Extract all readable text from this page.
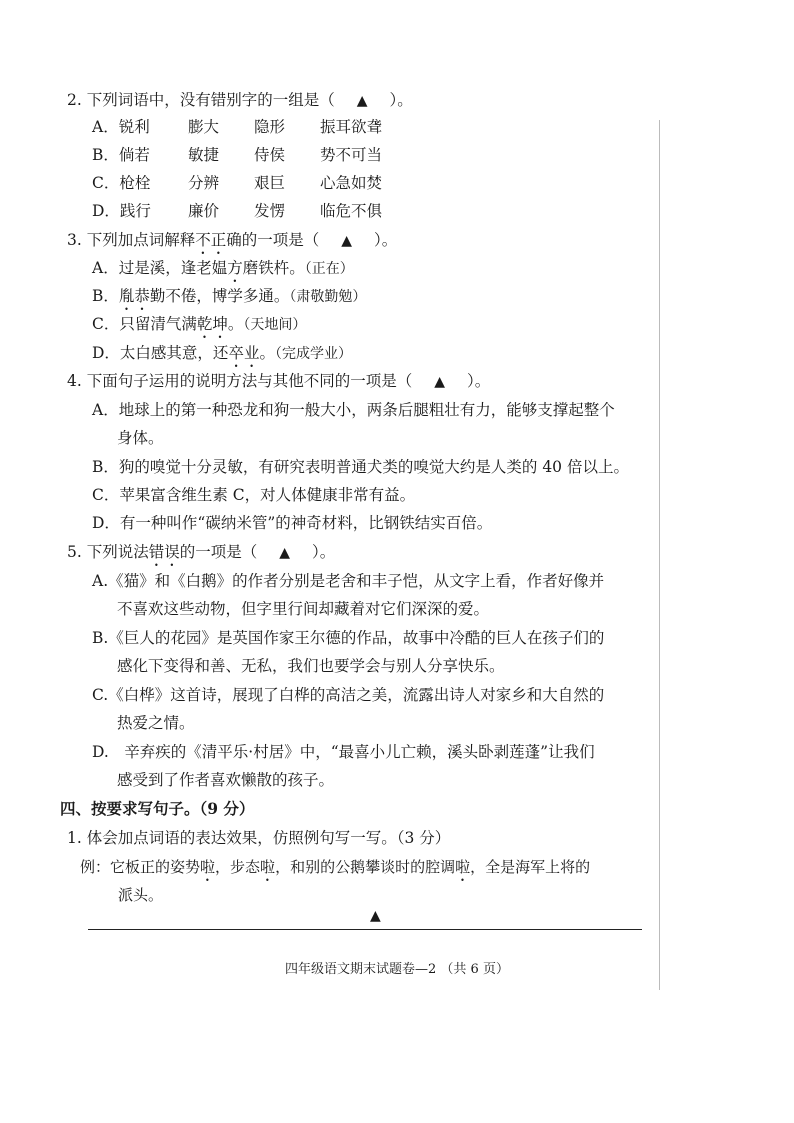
2. 下列词语中，没有错别字的一组是（ ▲ ）。
A．锐利 膨大 隐形 振耳欲聋
B．倘若 敏捷 侍侯 势不可当
C．枪栓 分辨 艰巨 心急如焚
D．践行 廉价 发愣 临危不俱
3. 下列加点词解释不正确的一项是（ ▲ ）。
A．过是溪，逢老媪方磨铁杵。（正在）
B．胤恭勤不倦，博学多通。（肃敬勤勉）
C．只留清气满乾坤。（天地间）
D．太白感其意，还卒业。（完成学业）
4. 下面句子运用的说明方法与其他不同的一项是（ ▲ ）。
A．地球上的第一种恐龙和狗一般大小，两条后腿粗壮有力，能够支撑起整个
身体。
B．狗的嗅觉十分灵敏，有研究表明普通犬类的嗅觉大约是人类的 40 倍以上。
C．苹果富含维生素 C，对人体健康非常有益。
D．有一种叫作“碳纳米管”的神奇材料，比钢铁结实百倍。
5. 下列说法错误的一项是（ ▲ ）。
A.《猫》和《白鹅》的作者分别是老舍和丰子恺，从文字上看，作者好像并
不喜欢这些动物，但字里行间却藏着对它们深深的爱。
B.《巨人的花园》是英国作家王尔德的作品，故事中冷酷的巨人在孩子们的
感化下变得和善、无私，我们也要学会与别人分享快乐。
C.《白桦》这首诗，展现了白桦的高洁之美，流露出诗人对家乡和大自然的
热爱之情。
D.　辛弃疾的《清平乐·村居》中，“最喜小儿亡赖，溪头卧剥莲蓬”让我们
感受到了作者喜欢懒散的孩子。
四、按要求写句子。（9 分）
1. 体会加点词语的表达效果，仿照例句写一写。（3 分）
例：它板正的姿势啦，步态啦，和别的公鹅攀谈时的腔调啦，全是海军上将的
派头。
▲
四年级语文期末试题卷—2 （共 6 页）
